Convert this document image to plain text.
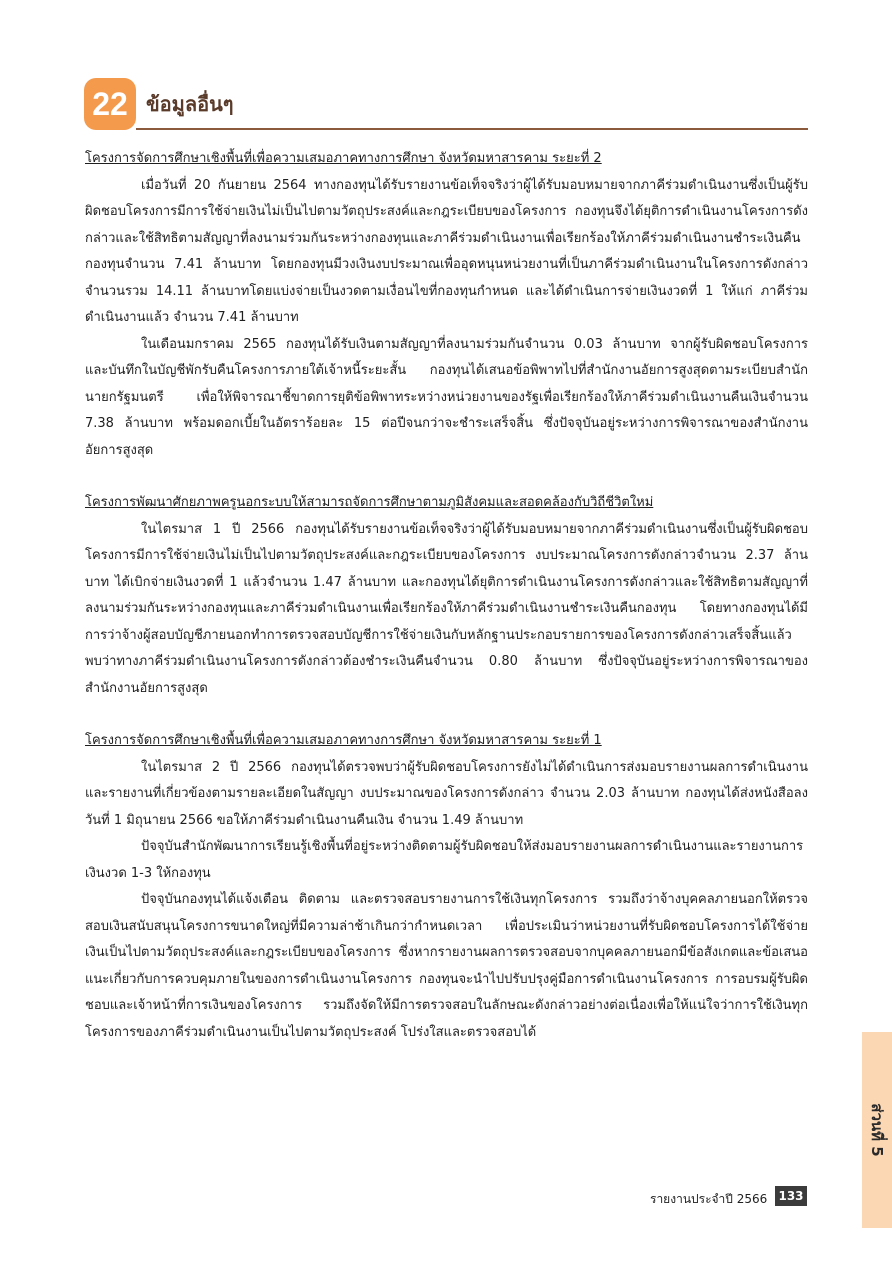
22 ข้อมูลอื่นๆ

โครงการจัดการศึกษาเชิงพื้นที่เพื่อความเสมอภาคทางการศึกษา จังหวัดมหาสารคาม ระยะที่ 2

เมื่อวันที่ 20 กันยายน 2564 ทางกองทุนได้รับรายงานข้อเท็จจริงว่าผู้ได้รับมอบหมายจากภาคีร่วมดำเนินงานซึ่งเป็นผู้รับผิดชอบโครงการมีการใช้จ่ายเงินไม่เป็นไปตามวัตถุประสงค์และกฎระเบียบของโครงการ กองทุนจึงได้ยุติการดำเนินงานโครงการดังกล่าวและใช้สิทธิตามสัญญาที่ลงนามร่วมกันระหว่างกองทุนและภาคีร่วมดำเนินงานเพื่อเรียกร้องให้ภาคีร่วมดำเนินงานชำระเงินคืนกองทุนจำนวน 7.41 ล้านบาท โดยกองทุนมีวงเงินงบประมาณเพื่ออุดหนุนหน่วยงานที่เป็นภาคีร่วมดำเนินงานในโครงการดังกล่าว จำนวนรวม 14.11 ล้านบาทโดยแบ่งจ่ายเป็นงวดตามเงื่อนไขที่กองทุนกำหนด และได้ดำเนินการจ่ายเงินงวดที่ 1 ให้แก่ ภาคีร่วมดำเนินงานแล้ว จำนวน 7.41 ล้านบาท

ในเดือนมกราคม 2565 กองทุนได้รับเงินตามสัญญาที่ลงนามร่วมกันจำนวน 0.03 ล้านบาท จากผู้รับผิดชอบโครงการ และบันทึกในบัญชีพักรับคืนโครงการภายใต้เจ้าหนี้ระยะสั้น กองทุนได้เสนอข้อพิพาทไปที่สำนักงานอัยการสูงสุดตามระเบียบสำนักนายกรัฐมนตรี เพื่อให้พิจารณาชี้ขาดการยุติข้อพิพาทระหว่างหน่วยงานของรัฐเพื่อเรียกร้องให้ภาคีร่วมดำเนินงานคืนเงินจำนวน 7.38 ล้านบาท พร้อมดอกเบี้ยในอัตราร้อยละ 15 ต่อปีจนกว่าจะชำระเสร็จสิ้น ซึ่งปัจจุบันอยู่ระหว่างการพิจารณาของสำนักงานอัยการสูงสุด

โครงการพัฒนาศักยภาพครูนอกระบบให้สามารถจัดการศึกษาตามภูมิสังคมและสอดคล้องกับวิถีชีวิตใหม่

ในไตรมาส 1 ปี 2566 กองทุนได้รับรายงานข้อเท็จจริงว่าผู้ได้รับมอบหมายจากภาคีร่วมดำเนินงานซึ่งเป็นผู้รับผิดชอบโครงการมีการใช้จ่ายเงินไม่เป็นไปตามวัตถุประสงค์และกฎระเบียบของโครงการ งบประมาณโครงการดังกล่าวจำนวน 2.37 ล้านบาท ได้เบิกจ่ายเงินงวดที่ 1 แล้วจำนวน 1.47 ล้านบาท และกองทุนได้ยุติการดำเนินงานโครงการดังกล่าวและใช้สิทธิตามสัญญาที่ลงนามร่วมกันระหว่างกองทุนและภาคีร่วมดำเนินงานเพื่อเรียกร้องให้ภาคีร่วมดำเนินงานชำระเงินคืนกองทุน โดยทางกองทุนได้มีการว่าจ้างผู้สอบบัญชีภายนอกทำการตรวจสอบบัญชีการใช้จ่ายเงินกับหลักฐานประกอบรายการของโครงการดังกล่าวเสร็จสิ้นแล้ว พบว่าทางภาคีร่วมดำเนินงานโครงการดังกล่าวต้องชำระเงินคืนจำนวน 0.80 ล้านบาท ซึ่งปัจจุบันอยู่ระหว่างการพิจารณาของสำนักงานอัยการสูงสุด

โครงการจัดการศึกษาเชิงพื้นที่เพื่อความเสมอภาคทางการศึกษา จังหวัดมหาสารคาม ระยะที่ 1

ในไตรมาส 2 ปี 2566 กองทุนได้ตรวจพบว่าผู้รับผิดชอบโครงการยังไม่ได้ดำเนินการส่งมอบรายงานผลการดำเนินงานและรายงานที่เกี่ยวข้องตามรายละเอียดในสัญญา งบประมาณของโครงการดังกล่าว จำนวน 2.03 ล้านบาท กองทุนได้ส่งหนังสือลงวันที่ 1 มิถุนายน 2566 ขอให้ภาคีร่วมดำเนินงานคืนเงิน จำนวน 1.49 ล้านบาท

ปัจจุบันสำนักพัฒนาการเรียนรู้เชิงพื้นที่อยู่ระหว่างติดตามผู้รับผิดชอบให้ส่งมอบรายงานผลการดำเนินงานและรายงานการเงินงวด 1-3 ให้กองทุน

ปัจจุบันกองทุนได้แจ้งเตือน ติดตาม และตรวจสอบรายงานการใช้เงินทุกโครงการ รวมถึงว่าจ้างบุคคลภายนอกให้ตรวจสอบเงินสนับสนุนโครงการขนาดใหญ่ที่มีความล่าช้าเกินกว่ากำหนดเวลา เพื่อประเมินว่าหน่วยงานที่รับผิดชอบโครงการได้ใช้จ่ายเงินเป็นไปตามวัตถุประสงค์และกฎระเบียบของโครงการ ซึ่งหากรายงานผลการตรวจสอบจากบุคคลภายนอกมีข้อสังเกตและข้อเสนอแนะเกี่ยวกับการควบคุมภายในของการดำเนินงานโครงการ กองทุนจะนำไปปรับปรุงคู่มือการดำเนินงานโครงการ การอบรมผู้รับผิดชอบและเจ้าหน้าที่การเงินของโครงการ รวมถึงจัดให้มีการตรวจสอบในลักษณะดังกล่าวอย่างต่อเนื่องเพื่อให้แน่ใจว่าการใช้เงินทุกโครงการของภาคีร่วมดำเนินงานเป็นไปตามวัตถุประสงค์ โปร่งใสและตรวจสอบได้

ส่วนที่ 5
รายงานประจำปี 2566 133
